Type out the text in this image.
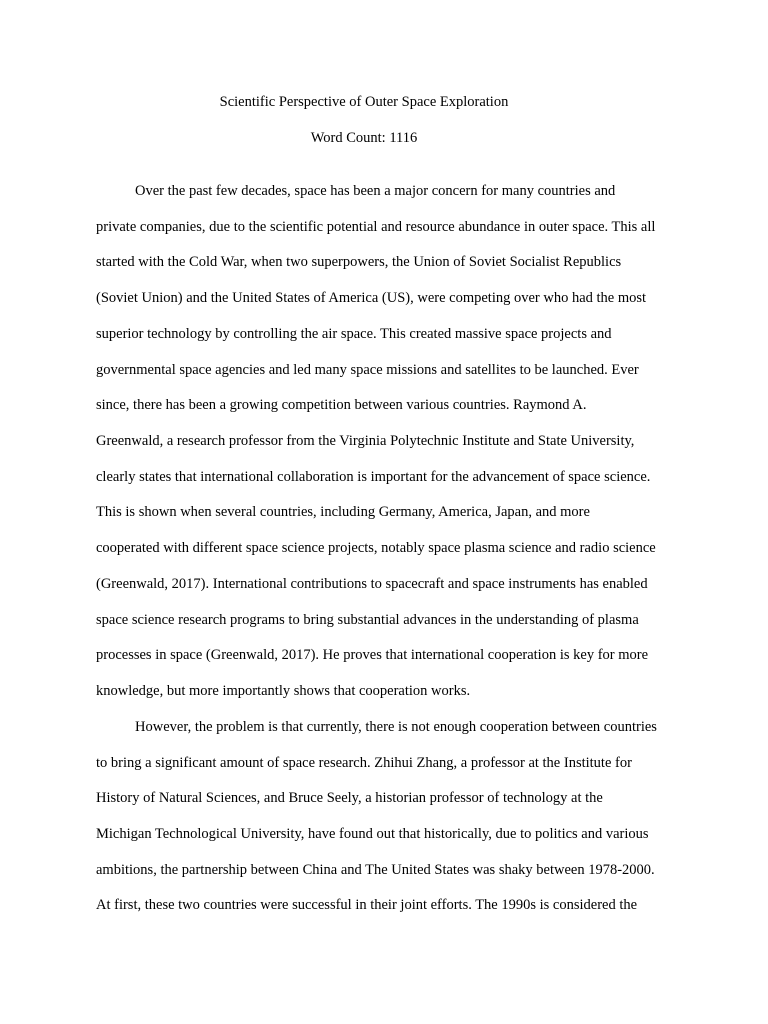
Scientific Perspective of Outer Space Exploration
Word Count: 1116
Over the past few decades, space has been a major concern for many countries and
private companies, due to the scientific potential and resource abundance in outer space. This all
started with the Cold War, when two superpowers, the Union of Soviet Socialist Republics
(Soviet Union) and the United States of America (US), were competing over who had the most
superior technology by controlling the air space. This created massive space projects and
governmental space agencies and led many space missions and satellites to be launched. Ever
since, there has been a growing competition between various countries. Raymond A.
Greenwald, a research professor from the Virginia Polytechnic Institute and State University,
clearly states that international collaboration is important for the advancement of space science.
This is shown when several countries, including Germany, America, Japan, and more
cooperated with different space science projects, notably space plasma science and radio science
(Greenwald, 2017). International contributions to spacecraft and space instruments has enabled
space science research programs to bring substantial advances in the understanding of plasma
processes in space (Greenwald, 2017). He proves that international cooperation is key for more
knowledge, but more importantly shows that cooperation works.
However, the problem is that currently, there is not enough cooperation between countries
to bring a significant amount of space research. Zhihui Zhang, a professor at the Institute for
History of Natural Sciences, and Bruce Seely, a historian professor of technology at the
Michigan Technological University, have found out that historically, due to politics and various
ambitions, the partnership between China and The United States was shaky between 1978-2000.
At first, these two countries were successful in their joint efforts. The 1990s is considered the
